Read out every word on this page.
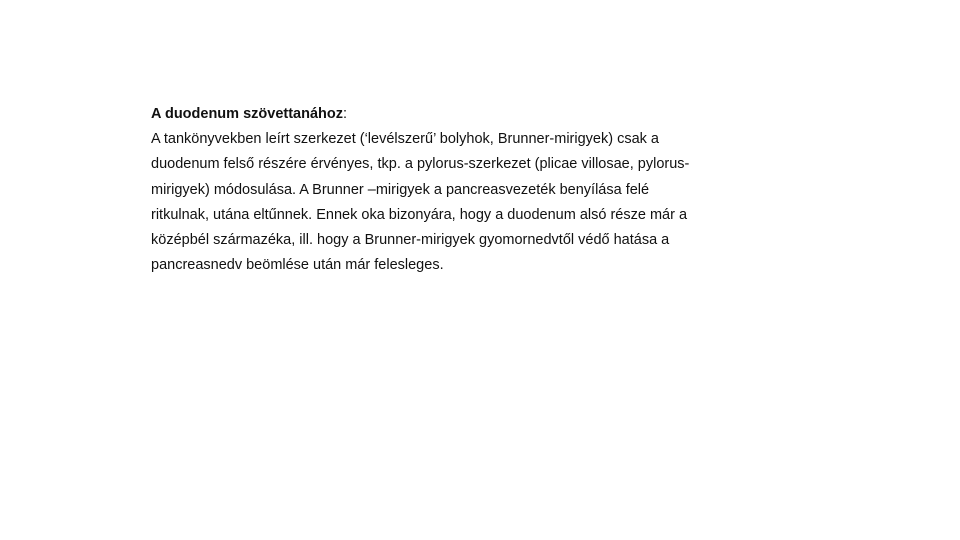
A duodenum szövettanához:
A tankönyvekben leírt szerkezet (‘levélszerű’ bolyhok, Brunner-mirigyek) csak a
duodenum felső részére érvényes, tkp. a pylorus-szerkezet (plicae villosae, pylorus-
mirigyek) módosulása. A Brunner –mirigyek a pancreasvezeték benyílása felé
ritkulnak, utána eltűnnek. Ennek oka bizonyára, hogy a duodenum alsó része már a
középbél származéka, ill. hogy a Brunner-mirigyek gyomornedvtől védő hatása a
pancreasnedv beömlése után már felesleges.
